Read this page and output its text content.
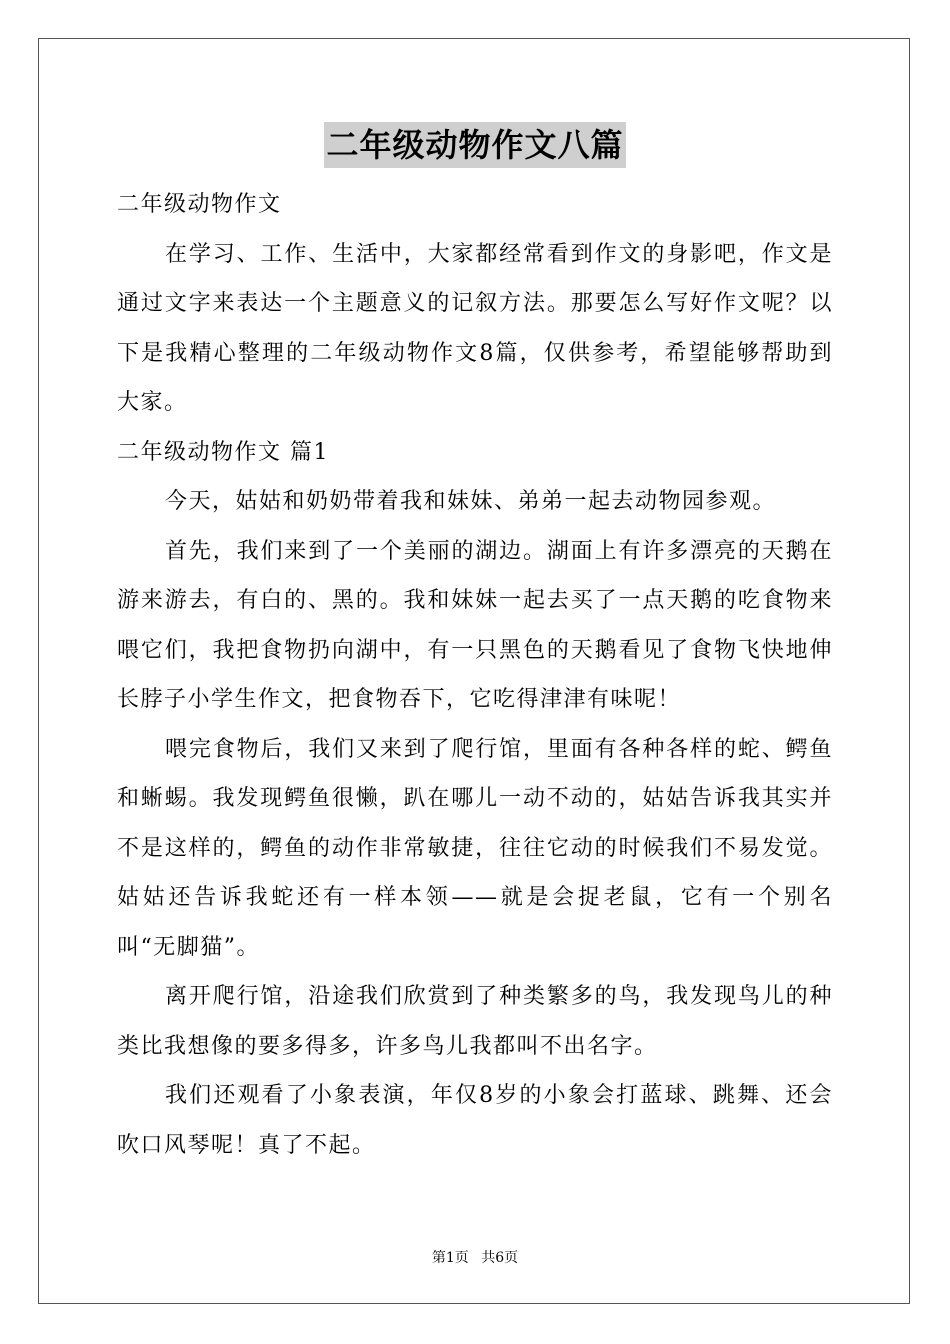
二年级动物作文八篇

二年级动物作文

在学习、工作、生活中，大家都经常看到作文的身影吧，作文是通过文字来表达一个主题意义的记叙方法。那要怎么写好作文呢？以下是我精心整理的二年级动物作文8篇，仅供参考，希望能够帮助到大家。

二年级动物作文 篇1

今天，姑姑和奶奶带着我和妹妹、弟弟一起去动物园参观。

首先，我们来到了一个美丽的湖边。湖面上有许多漂亮的天鹅在游来游去，有白的、黑的。我和妹妹一起去买了一点天鹅的吃食物来喂它们，我把食物扔向湖中，有一只黑色的天鹅看见了食物飞快地伸长脖子小学生作文，把食物吞下，它吃得津津有味呢！

喂完食物后，我们又来到了爬行馆，里面有各种各样的蛇、鳄鱼和蜥蜴。我发现鳄鱼很懒，趴在哪儿一动不动的，姑姑告诉我其实并不是这样的，鳄鱼的动作非常敏捷，往往它动的时候我们不易发觉。姑姑还告诉我蛇还有一样本领——就是会捉老鼠，它有一个别名叫“无脚猫”。

离开爬行馆，沿途我们欣赏到了种类繁多的鸟，我发现鸟儿的种类比我想像的要多得多，许多鸟儿我都叫不出名字。

我们还观看了小象表演，年仅8岁的小象会打蓝球、跳舞、还会吹口风琴呢！真了不起。

第1页 共6页
